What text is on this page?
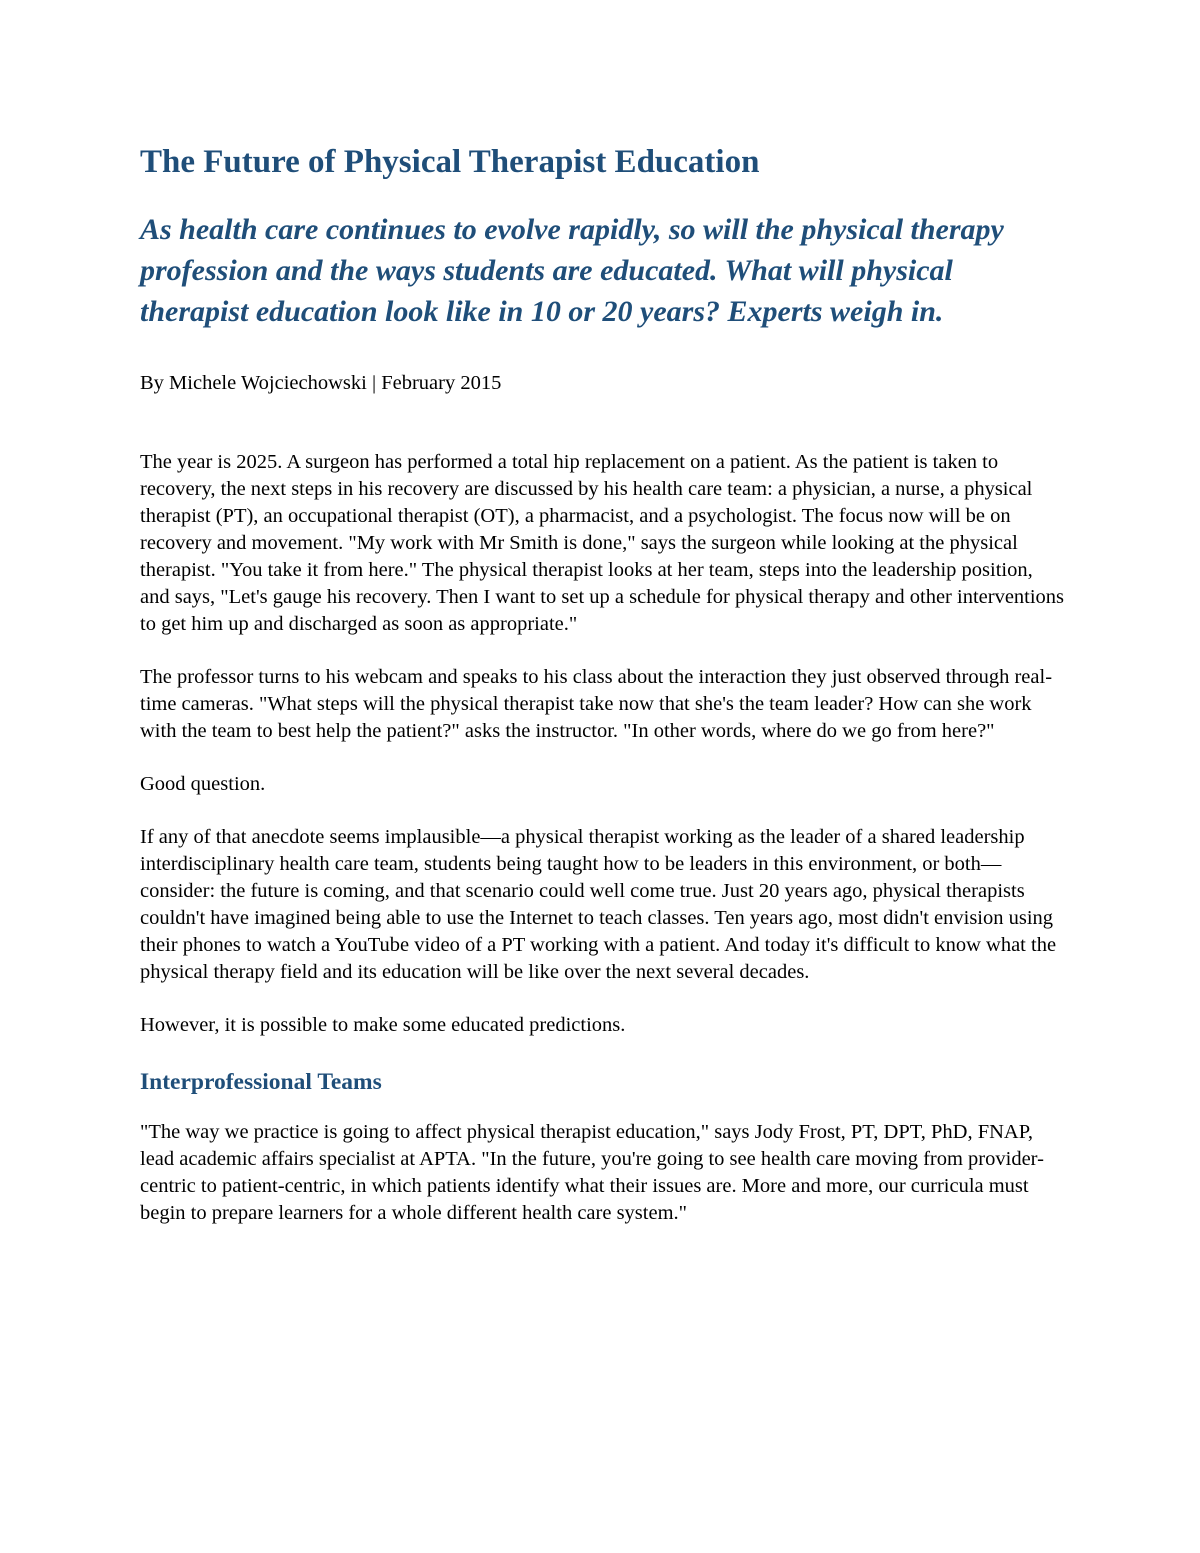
The Future of Physical Therapist Education
As health care continues to evolve rapidly, so will the physical therapy profession and the ways students are educated. What will physical therapist education look like in 10 or 20 years? Experts weigh in.

By Michele Wojciechowski | February 2015

The year is 2025. A surgeon has performed a total hip replacement on a patient. As the patient is taken to recovery, the next steps in his recovery are discussed by his health care team: a physician, a nurse, a physical therapist (PT), an occupational therapist (OT), a pharmacist, and a psychologist. The focus now will be on recovery and movement. "My work with Mr Smith is done," says the surgeon while looking at the physical therapist. "You take it from here." The physical therapist looks at her team, steps into the leadership position, and says, "Let's gauge his recovery. Then I want to set up a schedule for physical therapy and other interventions to get him up and discharged as soon as appropriate."

The professor turns to his webcam and speaks to his class about the interaction they just observed through real-time cameras. "What steps will the physical therapist take now that she's the team leader? How can she work with the team to best help the patient?" asks the instructor. "In other words, where do we go from here?"

Good question.

If any of that anecdote seems implausible—a physical therapist working as the leader of a shared leadership interdisciplinary health care team, students being taught how to be leaders in this environment, or both—consider: the future is coming, and that scenario could well come true. Just 20 years ago, physical therapists couldn't have imagined being able to use the Internet to teach classes. Ten years ago, most didn't envision using their phones to watch a YouTube video of a PT working with a patient. And today it's difficult to know what the physical therapy field and its education will be like over the next several decades.

However, it is possible to make some educated predictions.

Interprofessional Teams

"The way we practice is going to affect physical therapist education," says Jody Frost, PT, DPT, PhD, FNAP, lead academic affairs specialist at APTA. "In the future, you're going to see health care moving from provider-centric to patient-centric, in which patients identify what their issues are. More and more, our curricula must begin to prepare learners for a whole different health care system."
